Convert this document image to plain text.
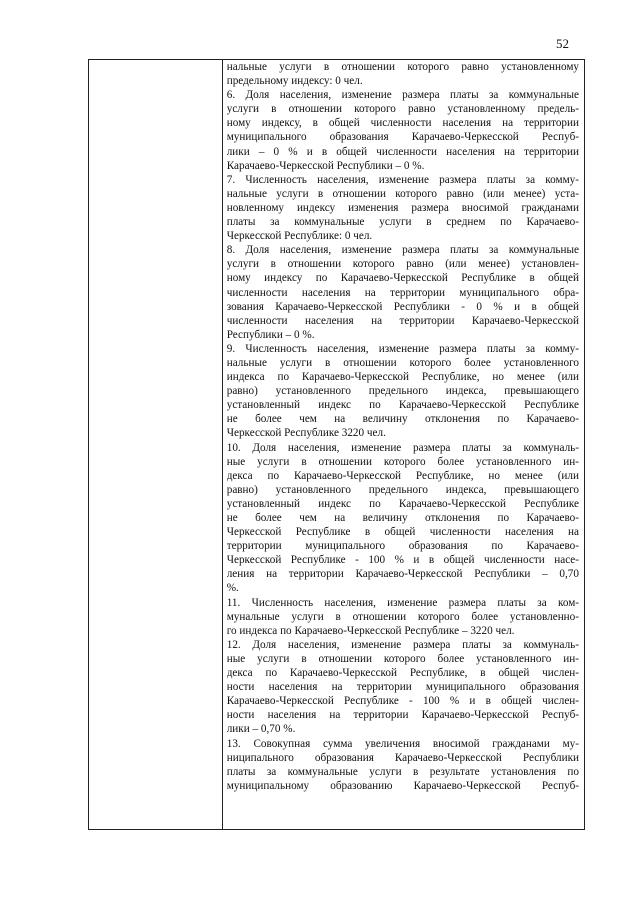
52

нальные услуги в отношении которого равно установленному
предельному индексу: 0 чел.

6. Доля населения, изменение размера платы за коммунальные
услуги в отношении которого равно установленному предель-
ному индексу, в общей численности населения на территории
муниципального образования Карачаево-Черкесской Респуб-
лики – 0 % и в общей численности населения на территории
Карачаево-Черкесской Республики – 0 %.

7. Численность населения, изменение размера платы за комму-
нальные услуги в отношении которого равно (или менее) уста-
новленному индексу изменения размера вносимой гражданами
платы за коммунальные услуги в среднем по Карачаево-
Черкесской Республике: 0 чел.

8. Доля населения, изменение размера платы за коммунальные
услуги в отношении которого равно (или менее) установлен-
ному индексу по Карачаево-Черкесской Республике в общей
численности населения на территории муниципального обра-
зования Карачаево-Черкесской Республики - 0 % и в общей
численности населения на территории Карачаево-Черкесской
Республики – 0 %.

9. Численность населения, изменение размера платы за комму-
нальные услуги в отношении которого более установленного
индекса по Карачаево-Черкесской Республике, но менее (или
равно) установленного предельного индекса, превышающего
установленный индекс по Карачаево-Черкесской Республике
не более чем на величину отклонения по Карачаево-
Черкесской Республике 3220 чел.

10. Доля населения, изменение размера платы за коммуналь-
ные услуги в отношении которого более установленного ин-
декса по Карачаево-Черкесской Республике, но менее (или
равно) установленного предельного индекса, превышающего
установленный индекс по Карачаево-Черкесской Республике
не более чем на величину отклонения по Карачаево-
Черкесской Республике в общей численности населения на
территории муниципального образования по Карачаево-
Черкесской Республике - 100 % и в общей численности насе-
ления на территории Карачаево-Черкесской Республики – 0,70
%.

11. Численность населения, изменение размера платы за ком-
мунальные услуги в отношении которого более установленно-
го индекса по Карачаево-Черкесской Республике – 3220 чел.

12. Доля населения, изменение размера платы за коммуналь-
ные услуги в отношении которого более установленного ин-
декса по Карачаево-Черкесской Республике, в общей числен-
ности населения на территории муниципального образования
Карачаево-Черкесской Республике - 100 % и в общей числен-
ности населения на территории Карачаево-Черкесской Респуб-
лики – 0,70 %.

13. Совокупная сумма увеличения вносимой гражданами му-
ниципального образования Карачаево-Черкесской Республики
платы за коммунальные услуги в результате установления по
муниципальному образованию Карачаево-Черкесской Респуб-
